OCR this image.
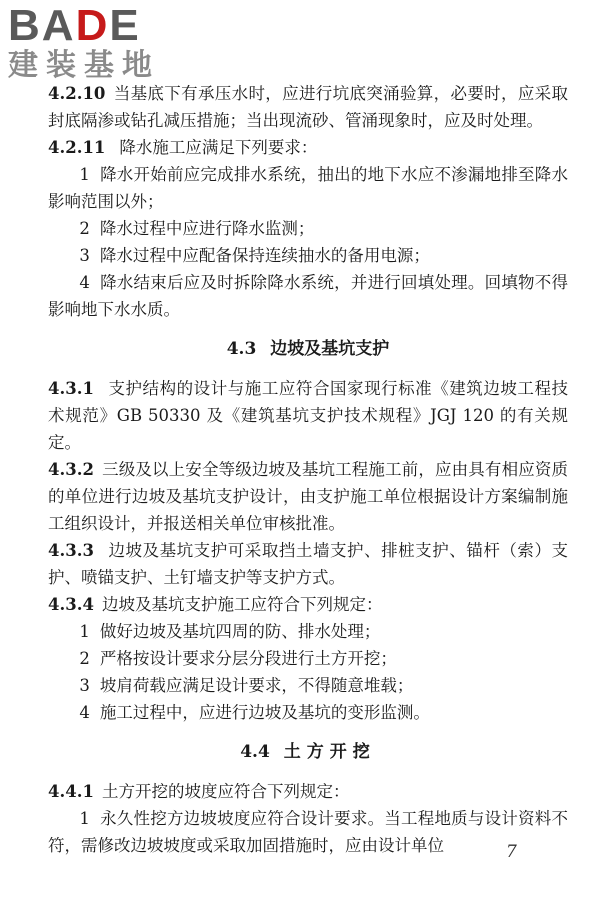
BADE
建装基地

4.2.10 当基底下有承压水时，应进行坑底突涌验算，必要时，应采取封底隔渗或钻孔减压措施；当出现流砂、管涌现象时，应及时处理。

4.2.11 降水施工应满足下列要求：

1 降水开始前应完成排水系统，抽出的地下水应不渗漏地排至降水影响范围以外；

2 降水过程中应进行降水监测；

3 降水过程中应配备保持连续抽水的备用电源；

4 降水结束后应及时拆除降水系统，并进行回填处理。回填物不得影响地下水水质。

4.3 边坡及基坑支护

4.3.1 支护结构的设计与施工应符合国家现行标准《建筑边坡工程技术规范》GB 50330 及《建筑基坑支护技术规程》JGJ 120 的有关规定。

4.3.2 三级及以上安全等级边坡及基坑工程施工前，应由具有相应资质的单位进行边坡及基坑支护设计，由支护施工单位根据设计方案编制施工组织设计，并报送相关单位审核批准。

4.3.3 边坡及基坑支护可采取挡土墙支护、排桩支护、锚杆（索）支护、喷锚支护、土钉墙支护等支护方式。

4.3.4 边坡及基坑支护施工应符合下列规定：

1 做好边坡及基坑四周的防、排水处理；

2 严格按设计要求分层分段进行土方开挖；

3 坡肩荷载应满足设计要求，不得随意堆载；

4 施工过程中，应进行边坡及基坑的变形监测。

4.4 土方开挖

4.4.1 土方开挖的坡度应符合下列规定：

1 永久性挖方边坡坡度应符合设计要求。当工程地质与设计资料不符，需修改边坡坡度或采取加固措施时，应由设计单位	7
